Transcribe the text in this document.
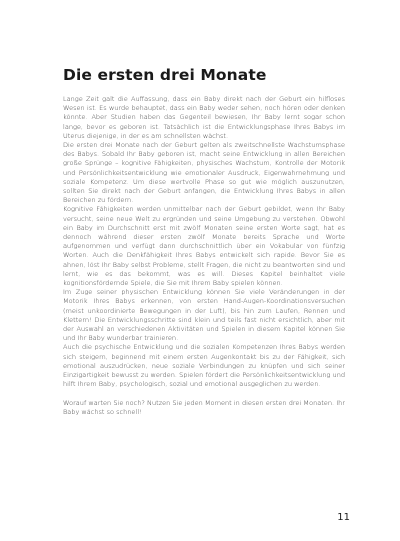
Die ersten drei Monate

Lange Zeit galt die Auffassung, dass ein Baby direkt nach der Geburt ein hilfloses Wesen ist. Es wurde behauptet, dass ein Baby weder sehen, noch hören oder denken könnte. Aber Studien haben das Gegenteil bewiesen, Ihr Baby lernt sogar schon lange, bevor es geboren ist. Tatsächlich ist die Entwicklungsphase Ihres Babys im Uterus diejenige, in der es am schnellsten wächst.

Die ersten drei Monate nach der Geburt gelten als zweitschnellste Wachstumsphase des Babys. Sobald Ihr Baby geboren ist, macht seine Entwicklung in allen Bereichen große Sprünge – kognitive Fähigkeiten, physisches Wachstum, Kontrolle der Motorik und Persönlichkeitsentwicklung wie emotionaler Ausdruck, Eigenwahrnehmung und soziale Kompetenz. Um diese wertvolle Phase so gut wie möglich auszunutzen, sollten Sie direkt nach der Geburt anfangen, die Entwicklung Ihres Babys in allen Bereichen zu fördern.

Kognitive Fähigkeiten werden unmittelbar nach der Geburt gebildet, wenn Ihr Baby versucht, seine neue Welt zu ergründen und seine Umgebung zu verstehen. Obwohl ein Baby im Durchschnitt erst mit zwölf Monaten seine ersten Worte sagt, hat es dennoch während dieser ersten zwölf Monate bereits Sprache und Worte aufgenommen und verfügt dann durchschnittlich über ein Vokabular von fünfzig Worten. Auch die Denkfähigkeit Ihres Babys entwickelt sich rapide. Bevor Sie es ahnen, löst Ihr Baby selbst Probleme, stellt Fragen, die nicht zu beantworten sind und lernt, wie es das bekommt, was es will. Dieses Kapitel beinhaltet viele kognitionsfördernde Spiele, die Sie mit Ihrem Baby spielen können.

Im Zuge seiner physischen Entwicklung können Sie viele Veränderungen in der Motorik Ihres Babys erkennen, von ersten Hand-Augen-Koordinationsversuchen (meist unkoordinierte Bewegungen in der Luft), bis hin zum Laufen, Rennen und Klettern! Die Entwicklungsschritte sind klein und teils fast nicht ersichtlich, aber mit der Auswahl an verschiedenen Aktivitäten und Spielen in diesem Kapitel können Sie und Ihr Baby wunderbar trainieren.

Auch die psychische Entwicklung und die sozialen Kompetenzen Ihres Babys werden sich steigern, beginnend mit einem ersten Augenkontakt bis zu der Fähigkeit, sich emotional auszudrücken, neue soziale Verbindungen zu knüpfen und sich seiner Einzigartigkeit bewusst zu werden. Spielen fördert die Persönlichkeitsentwicklung und hilft Ihrem Baby, psychologisch, sozial und emotional ausgeglichen zu werden.

Worauf warten Sie noch? Nutzen Sie jeden Moment in diesen ersten drei Monaten. Ihr Baby wächst so schnell!

11
